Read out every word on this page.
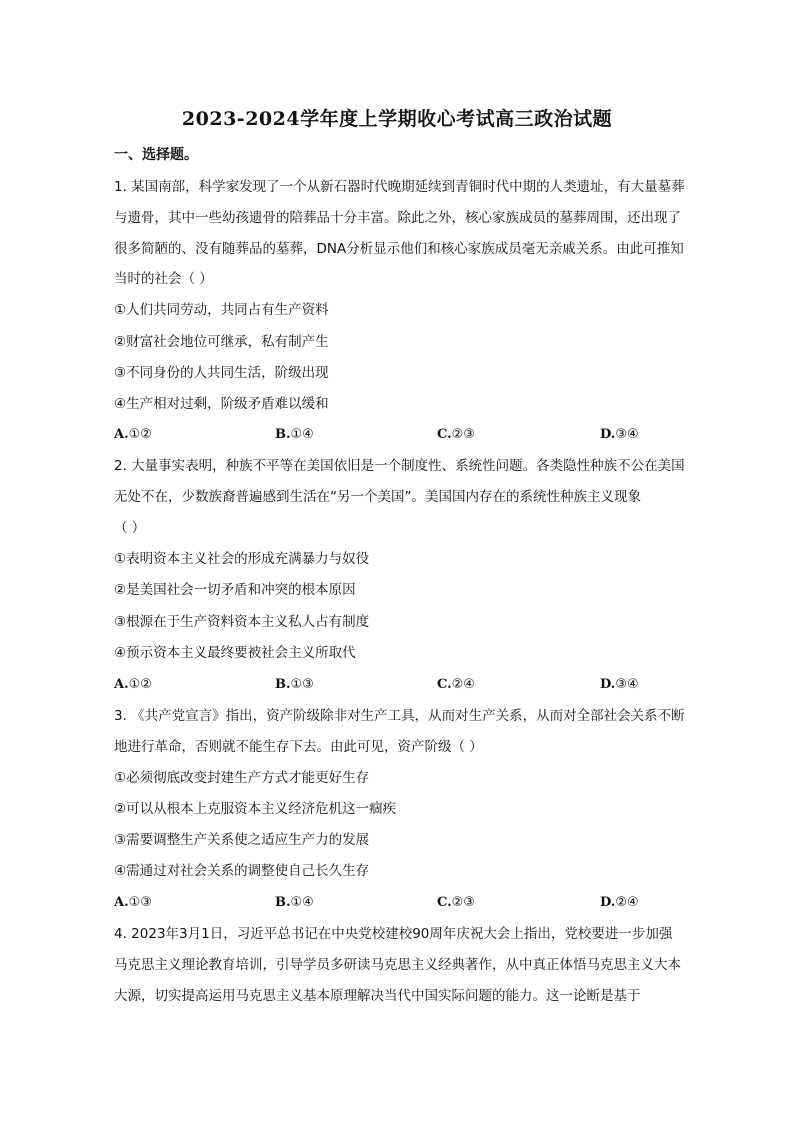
2023-2024学年度上学期收心考试高三政治试题
一、选择题。
1. 某国南部，科学家发现了一个从新石器时代晚期延续到青铜时代中期的人类遗址，有大量墓葬
与遗骨，其中一些幼孩遗骨的陪葬品十分丰富。除此之外，核心家族成员的墓葬周围，还出现了
很多简陋的、没有随葬品的墓葬，DNA分析显示他们和核心家族成员毫无亲戚关系。由此可推知
当时的社会（ ）
①人们共同劳动，共同占有生产资料
②财富社会地位可继承，私有制产生
③不同身份的人共同生活，阶级出现
④生产相对过剩，阶级矛盾难以缓和
A.①②	B.①④	C.②③	D.③④
2. 大量事实表明，种族不平等在美国依旧是一个制度性、系统性问题。各类隐性种族不公在美国
无处不在，少数族裔普遍感到生活在“另一个美国”。美国国内存在的系统性种族主义现象
（ ）
①表明资本主义社会的形成充满暴力与奴役
②是美国社会一切矛盾和冲突的根本原因
③根源在于生产资料资本主义私人占有制度
④预示资本主义最终要被社会主义所取代
A.①②	B.①③	C.②④	D.③④
3. 《共产党宣言》指出，资产阶级除非对生产工具，从而对生产关系，从而对全部社会关系不断
地进行革命，否则就不能生存下去。由此可见，资产阶级（ ）
①必须彻底改变封建生产方式才能更好生存
②可以从根本上克服资本主义经济危机这一痼疾
③需要调整生产关系使之适应生产力的发展
④需通过对社会关系的调整使自己长久生存
A.①③	B.①④	C.②③	D.②④
4. 2023年3月1日，习近平总书记在中央党校建校90周年庆祝大会上指出，党校要进一步加强
马克思主义理论教育培训，引导学员多研读马克思主义经典著作，从中真正体悟马克思主义大本
大源，切实提高运用马克思主义基本原理解决当代中国实际问题的能力。这一论断是基于
